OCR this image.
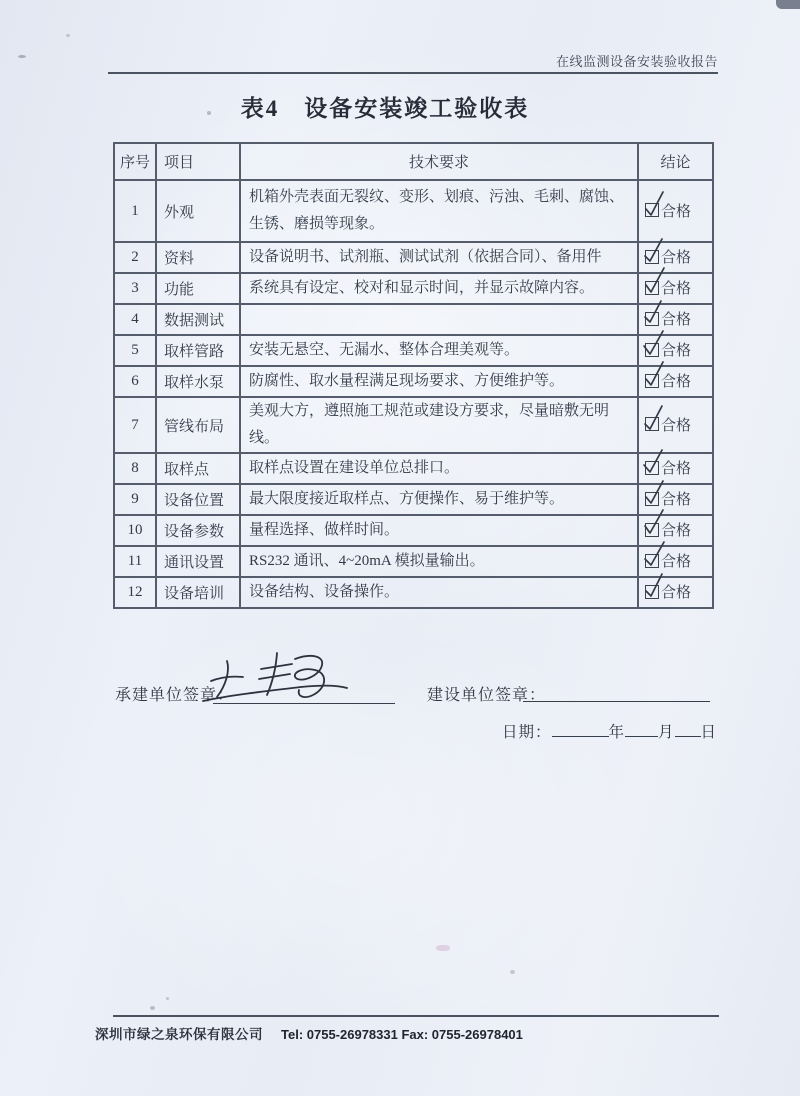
在线监测设备安装验收报告
表4　设备安装竣工验收表
序号	项目	技术要求	结论
1	外观	机箱外壳表面无裂纹、变形、划痕、污浊、毛刺、腐蚀、生锈、磨损等现象。	合格

2	资料	设备说明书、试剂瓶、测试试剂（依据合同）、备用件	合格

3	功能	系统具有设定、校对和显示时间，并显示故障内容。	合格

4	数据测试		合格

5	取样管路	安装无悬空、无漏水、整体合理美观等。	合格

6	取样水泵	防腐性、取水量程满足现场要求、方便维护等。	合格

7	管线布局	美观大方，遵照施工规范或建设方要求，尽量暗敷无明线。	合格

8	取样点	取样点设置在建设单位总排口。	合格

9	设备位置	最大限度接近取样点、方便操作、易于维护等。	合格

10	设备参数	量程选择、做样时间。	合格

11	通讯设置	RS232 通讯、4~20mA 模拟量输出。	合格

12	设备培训	设备结构、设备操作。	合格
承建单位签章：	建设单位签章：
日期：	年 月 日
深圳市绿之泉环保有限公司 Tel: 0755-26978331 Fax: 0755-26978401
